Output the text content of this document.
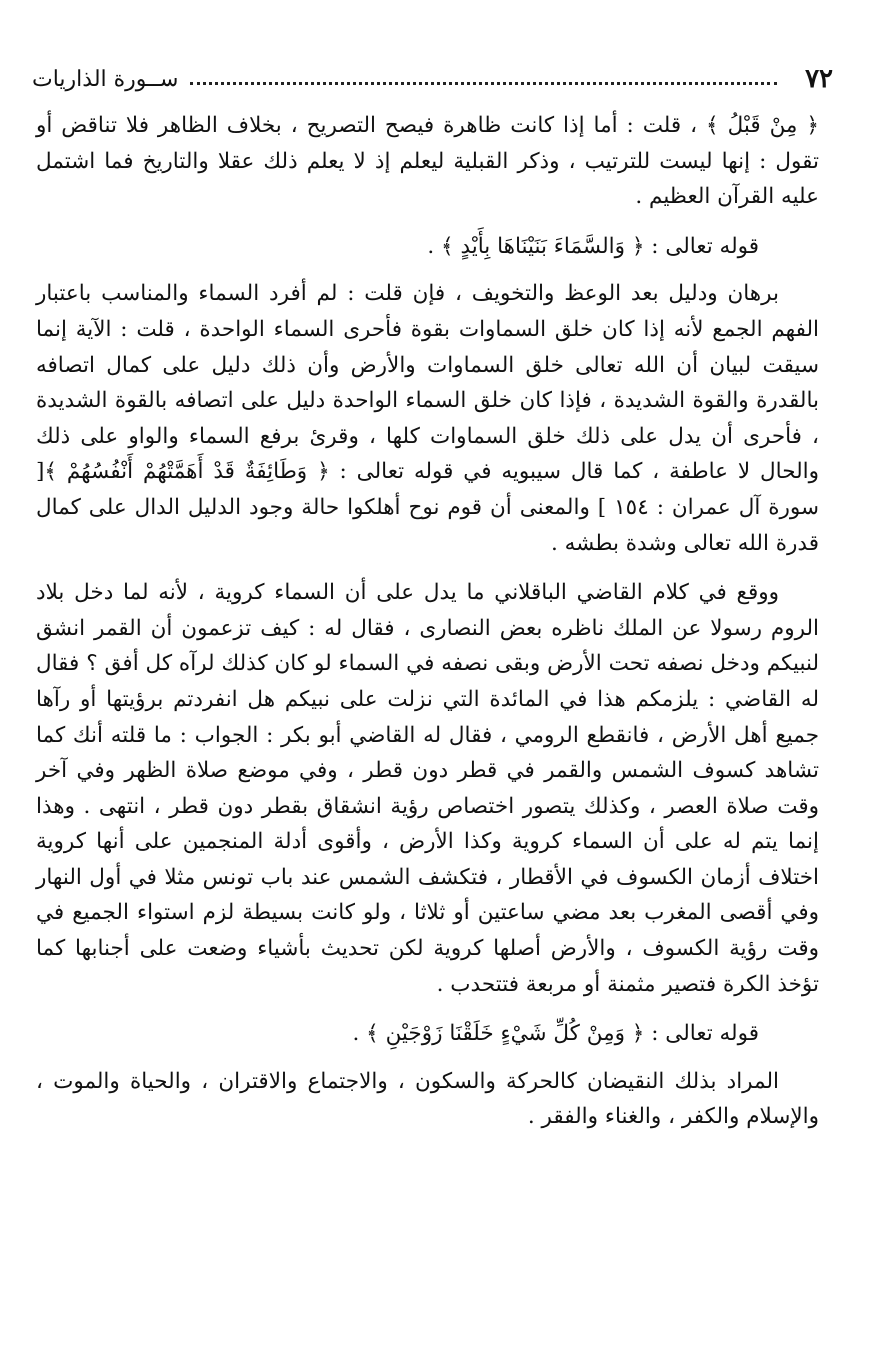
٧٢
ســورة الذاريات

﴿ مِنْ قَبْلُ ﴾ ، قلت : أما إذا كانت ظاهرة فيصح التصريح ، بخلاف الظاهر فلا تناقض أو تقول : إنها ليست للترتيب ، وذكر القبلية ليعلم إذ لا يعلم ذلك عقلا والتاريخ فما اشتمل عليه القرآن العظيم .

قوله تعالى : ﴿ وَالسَّمَاءَ بَنَيْنَاهَا بِأَيْدٍ ﴾ .

برهان ودليل بعد الوعظ والتخويف ، فإن قلت : لم أفرد السماء والمناسب باعتبار الفهم الجمع لأنه إذا كان خلق السماوات بقوة فأحرى السماء الواحدة ، قلت : الآية إنما سيقت لبيان أن الله تعالى خلق السماوات والأرض وأن ذلك دليل على كمال اتصافه بالقدرة والقوة الشديدة ، فإذا كان خلق السماء الواحدة دليل على اتصافه بالقوة الشديدة ، فأحرى أن يدل على ذلك خلق السماوات كلها ، وقرئ برفع السماء والواو على ذلك والحال لا عاطفة ، كما قال سيبويه في قوله تعالى : ﴿ وَطَائِفَةٌ قَدْ أَهَمَّتْهُمْ أَنْفُسُهُمْ ﴾[ سورة آل عمران : ١٥٤ ] والمعنى أن قوم نوح أهلكوا حالة وجود الدليل الدال على كمال قدرة الله تعالى وشدة بطشه .

ووقع في كلام القاضي الباقلاني ما يدل على أن السماء كروية ، لأنه لما دخل بلاد الروم رسولا عن الملك ناظره بعض النصارى ، فقال له : كيف تزعمون أن القمر انشق لنبيكم ودخل نصفه تحت الأرض وبقى نصفه في السماء لو كان كذلك لرآه كل أفق ؟ فقال له القاضي : يلزمكم هذا في المائدة التي نزلت على نبيكم هل انفردتم برؤيتها أو رآها جميع أهل الأرض ، فانقطع الرومي ، فقال له القاضي أبو بكر : الجواب : ما قلته أنك كما تشاهد كسوف الشمس والقمر في قطر دون قطر ، وفي موضع صلاة الظهر وفي آخر وقت صلاة العصر ، وكذلك يتصور اختصاص رؤية انشقاق بقطر دون قطر ، انتهى . وهذا إنما يتم له على أن السماء كروية وكذا الأرض ، وأقوى أدلة المنجمين على أنها كروية اختلاف أزمان الكسوف في الأقطار ، فتكشف الشمس عند باب تونس مثلا في أول النهار وفي أقصى المغرب بعد مضي ساعتين أو ثلاثا ، ولو كانت بسيطة لزم استواء الجميع في وقت رؤية الكسوف ، والأرض أصلها كروية لكن تحديث بأشياء وضعت على أجنابها كما تؤخذ الكرة فتصير مثمنة أو مربعة فتتحدب .

قوله تعالى : ﴿ وَمِنْ كُلِّ شَيْءٍ خَلَقْنَا زَوْجَيْنِ ﴾ .

المراد بذلك النقيضان كالحركة والسكون ، والاجتماع والاقتران ، والحياة والموت ، والإسلام والكفر ، والغناء والفقر .
